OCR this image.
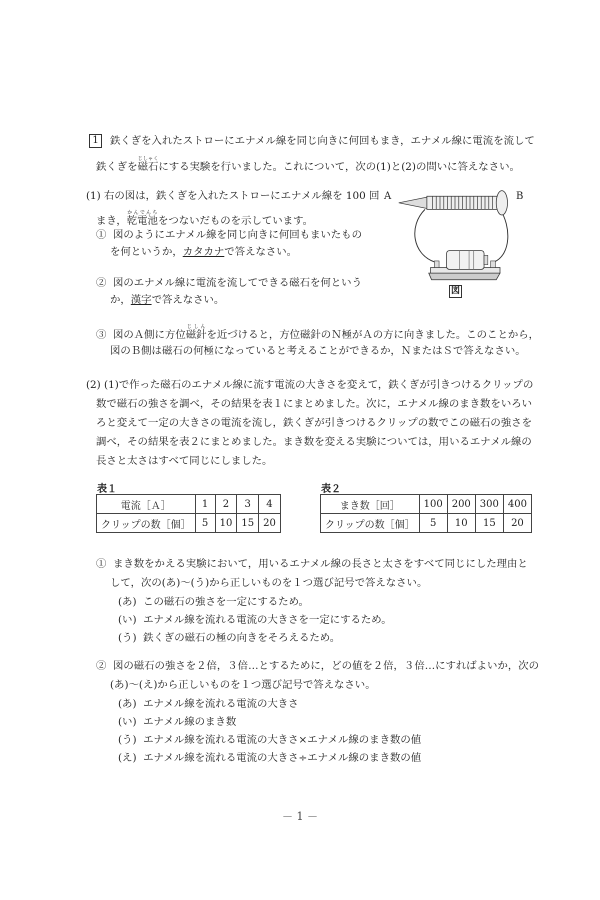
1 鉄くぎを入れたストローにエナメル線を同じ向きに何回もまき，エナメル線に電流を流して
鉄くぎを磁石じしゃくにする実験を行いました。これについて，次の(1)と(2)の問いに答えなさい。
(1) 右の図は，鉄くぎを入れたストローにエナメル線を 100 回
まき，乾電池かんでんちをつないだものを示しています。
① 図のようにエナメル線を同じ向きに何回もまいたもの
を何というか，カタカナで答えなさい。
② 図のエナメル線に電流を流してできる磁石を何という
か，漢字で答えなさい。
③ 図のＡ側に方位磁針じしんを近づけると，方位磁針のＮ極がＡの方に向きました。このことから，
図のＢ側は磁石の何極になっていると考えることができるか，ＮまたはＳで答えなさい。
A	B
図
(2) (1)で作った磁石のエナメル線に流す電流の大きさを変えて，鉄くぎが引きつけるクリップの
数で磁石の強さを調べ，その結果を表１にまとめました。次に，エナメル線のまき数をいろい
ろと変えて一定の大きさの電流を流し，鉄くぎが引きつけるクリップの数でこの磁石の強さを
調べ，その結果を表２にまとめました。まき数を変える実験については，用いるエナメル線の
長さと太さはすべて同じにしました。
表１
電流［Ａ］	1	2	3	4
クリップの数［個］	5	10	15	20
表２
まき数［回］	100	200	300	400
クリップの数［個］	5	10	15	20
① まき数をかえる実験において，用いるエナメル線の長さと太さをすべて同じにした理由と
して，次の(あ)～(う)から正しいものを１つ選び記号で答えなさい。
(あ) この磁石の強さを一定にするため。
(い) エナメル線を流れる電流の大きさを一定にするため。
(う) 鉄くぎの磁石の極の向きをそろえるため。
② 図の磁石の強さを２倍，３倍…とするために，どの値を２倍，３倍…にすればよいか，次の
(あ)～(え)から正しいものを１つ選び記号で答えなさい。
(あ) エナメル線を流れる電流の大きさ
(い) エナメル線のまき数
(う) エナメル線を流れる電流の大きさ×エナメル線のまき数の値
(え) エナメル線を流れる電流の大きさ÷エナメル線のまき数の値
－ 1 －
